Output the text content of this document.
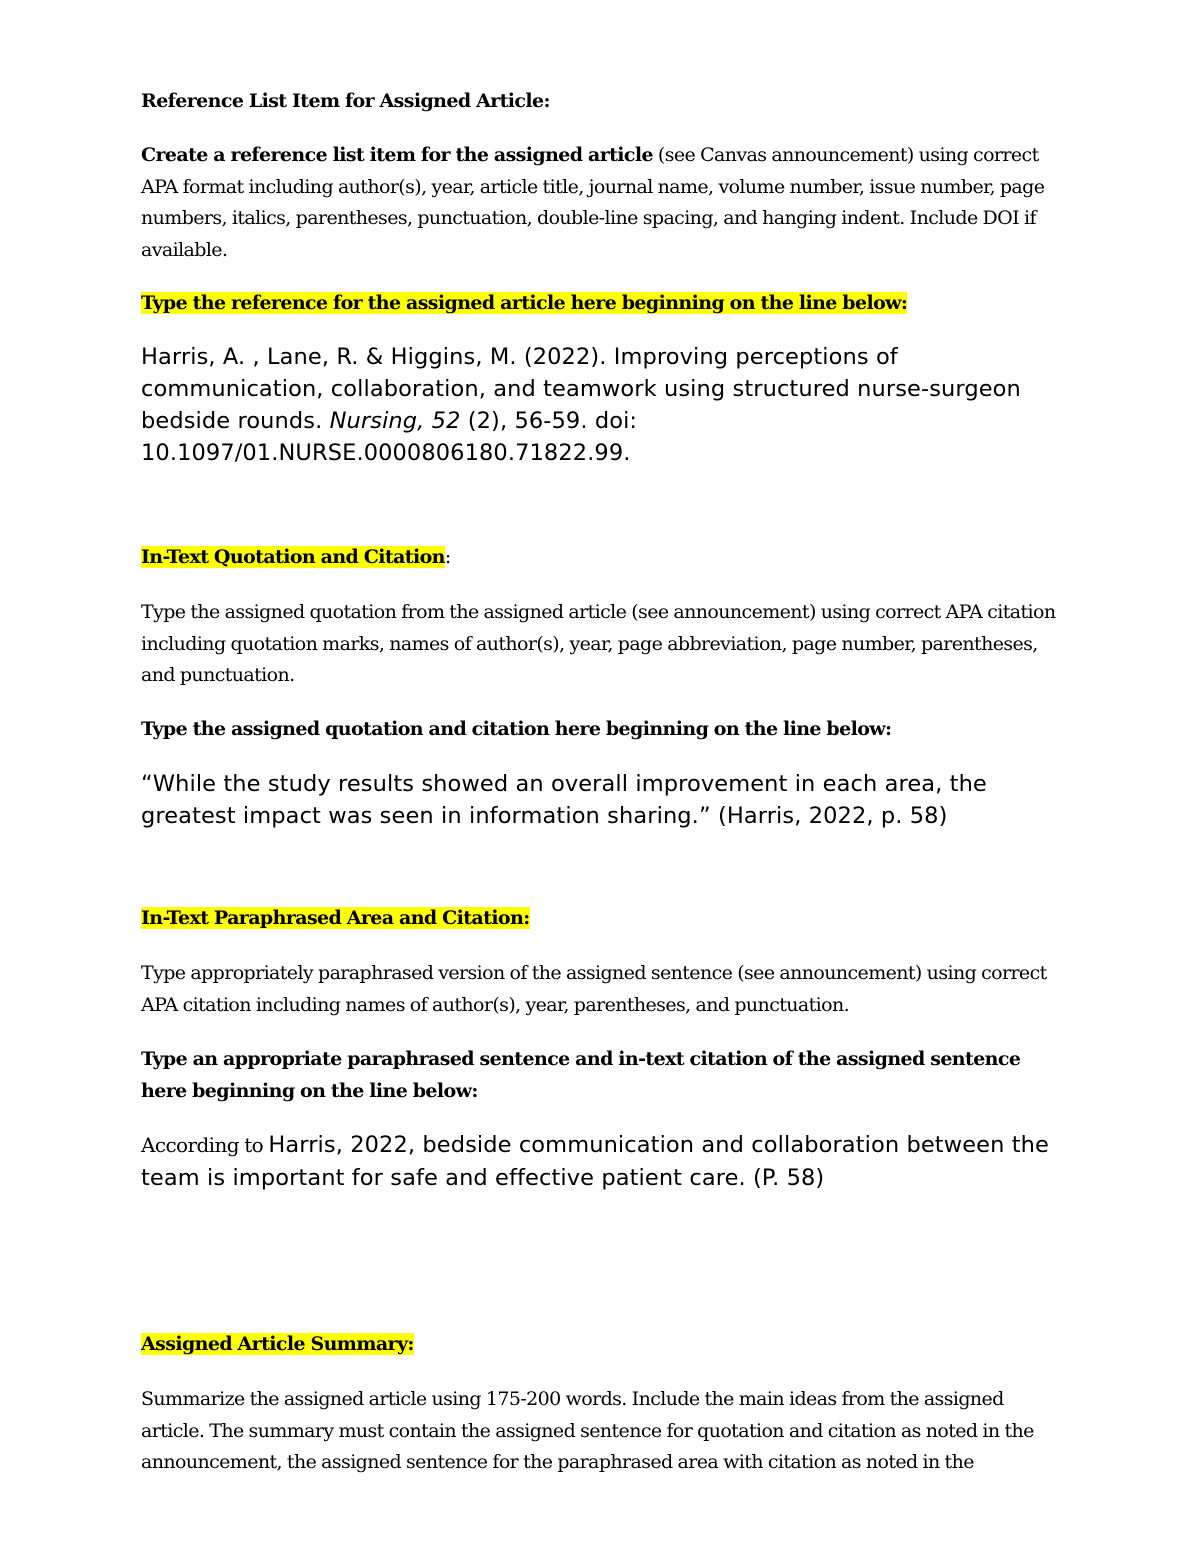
Reference List Item for Assigned Article:

Create a reference list item for the assigned article (see Canvas announcement) using correct APA format including author(s), year, article title, journal name, volume number, issue number, page numbers, italics, parentheses, punctuation, double-line spacing, and hanging indent. Include DOI if available.

Type the reference for the assigned article here beginning on the line below:

Harris, A. , Lane, R. & Higgins, M. (2022). Improving perceptions of communication, collaboration, and teamwork using structured nurse-surgeon bedside rounds. Nursing, 52 (2), 56-59. doi: 10.1097/01.NURSE.0000806180.71822.99.

In-Text Quotation and Citation:

Type the assigned quotation from the assigned article (see announcement) using correct APA citation including quotation marks, names of author(s), year, page abbreviation, page number, parentheses, and punctuation.

Type the assigned quotation and citation here beginning on the line below:

“While the study results showed an overall improvement in each area, the greatest impact was seen in information sharing.” (Harris, 2022, p. 58)

In-Text Paraphrased Area and Citation:

Type appropriately paraphrased version of the assigned sentence (see announcement) using correct APA citation including names of author(s), year, parentheses, and punctuation.

Type an appropriate paraphrased sentence and in-text citation of the assigned sentence here beginning on the line below:

According to Harris, 2022, bedside communication and collaboration between the team is important for safe and effective patient care. (P. 58)

Assigned Article Summary:

Summarize the assigned article using 175-200 words. Include the main ideas from the assigned article. The summary must contain the assigned sentence for quotation and citation as noted in the announcement, the assigned sentence for the paraphrased area with citation as noted in the
